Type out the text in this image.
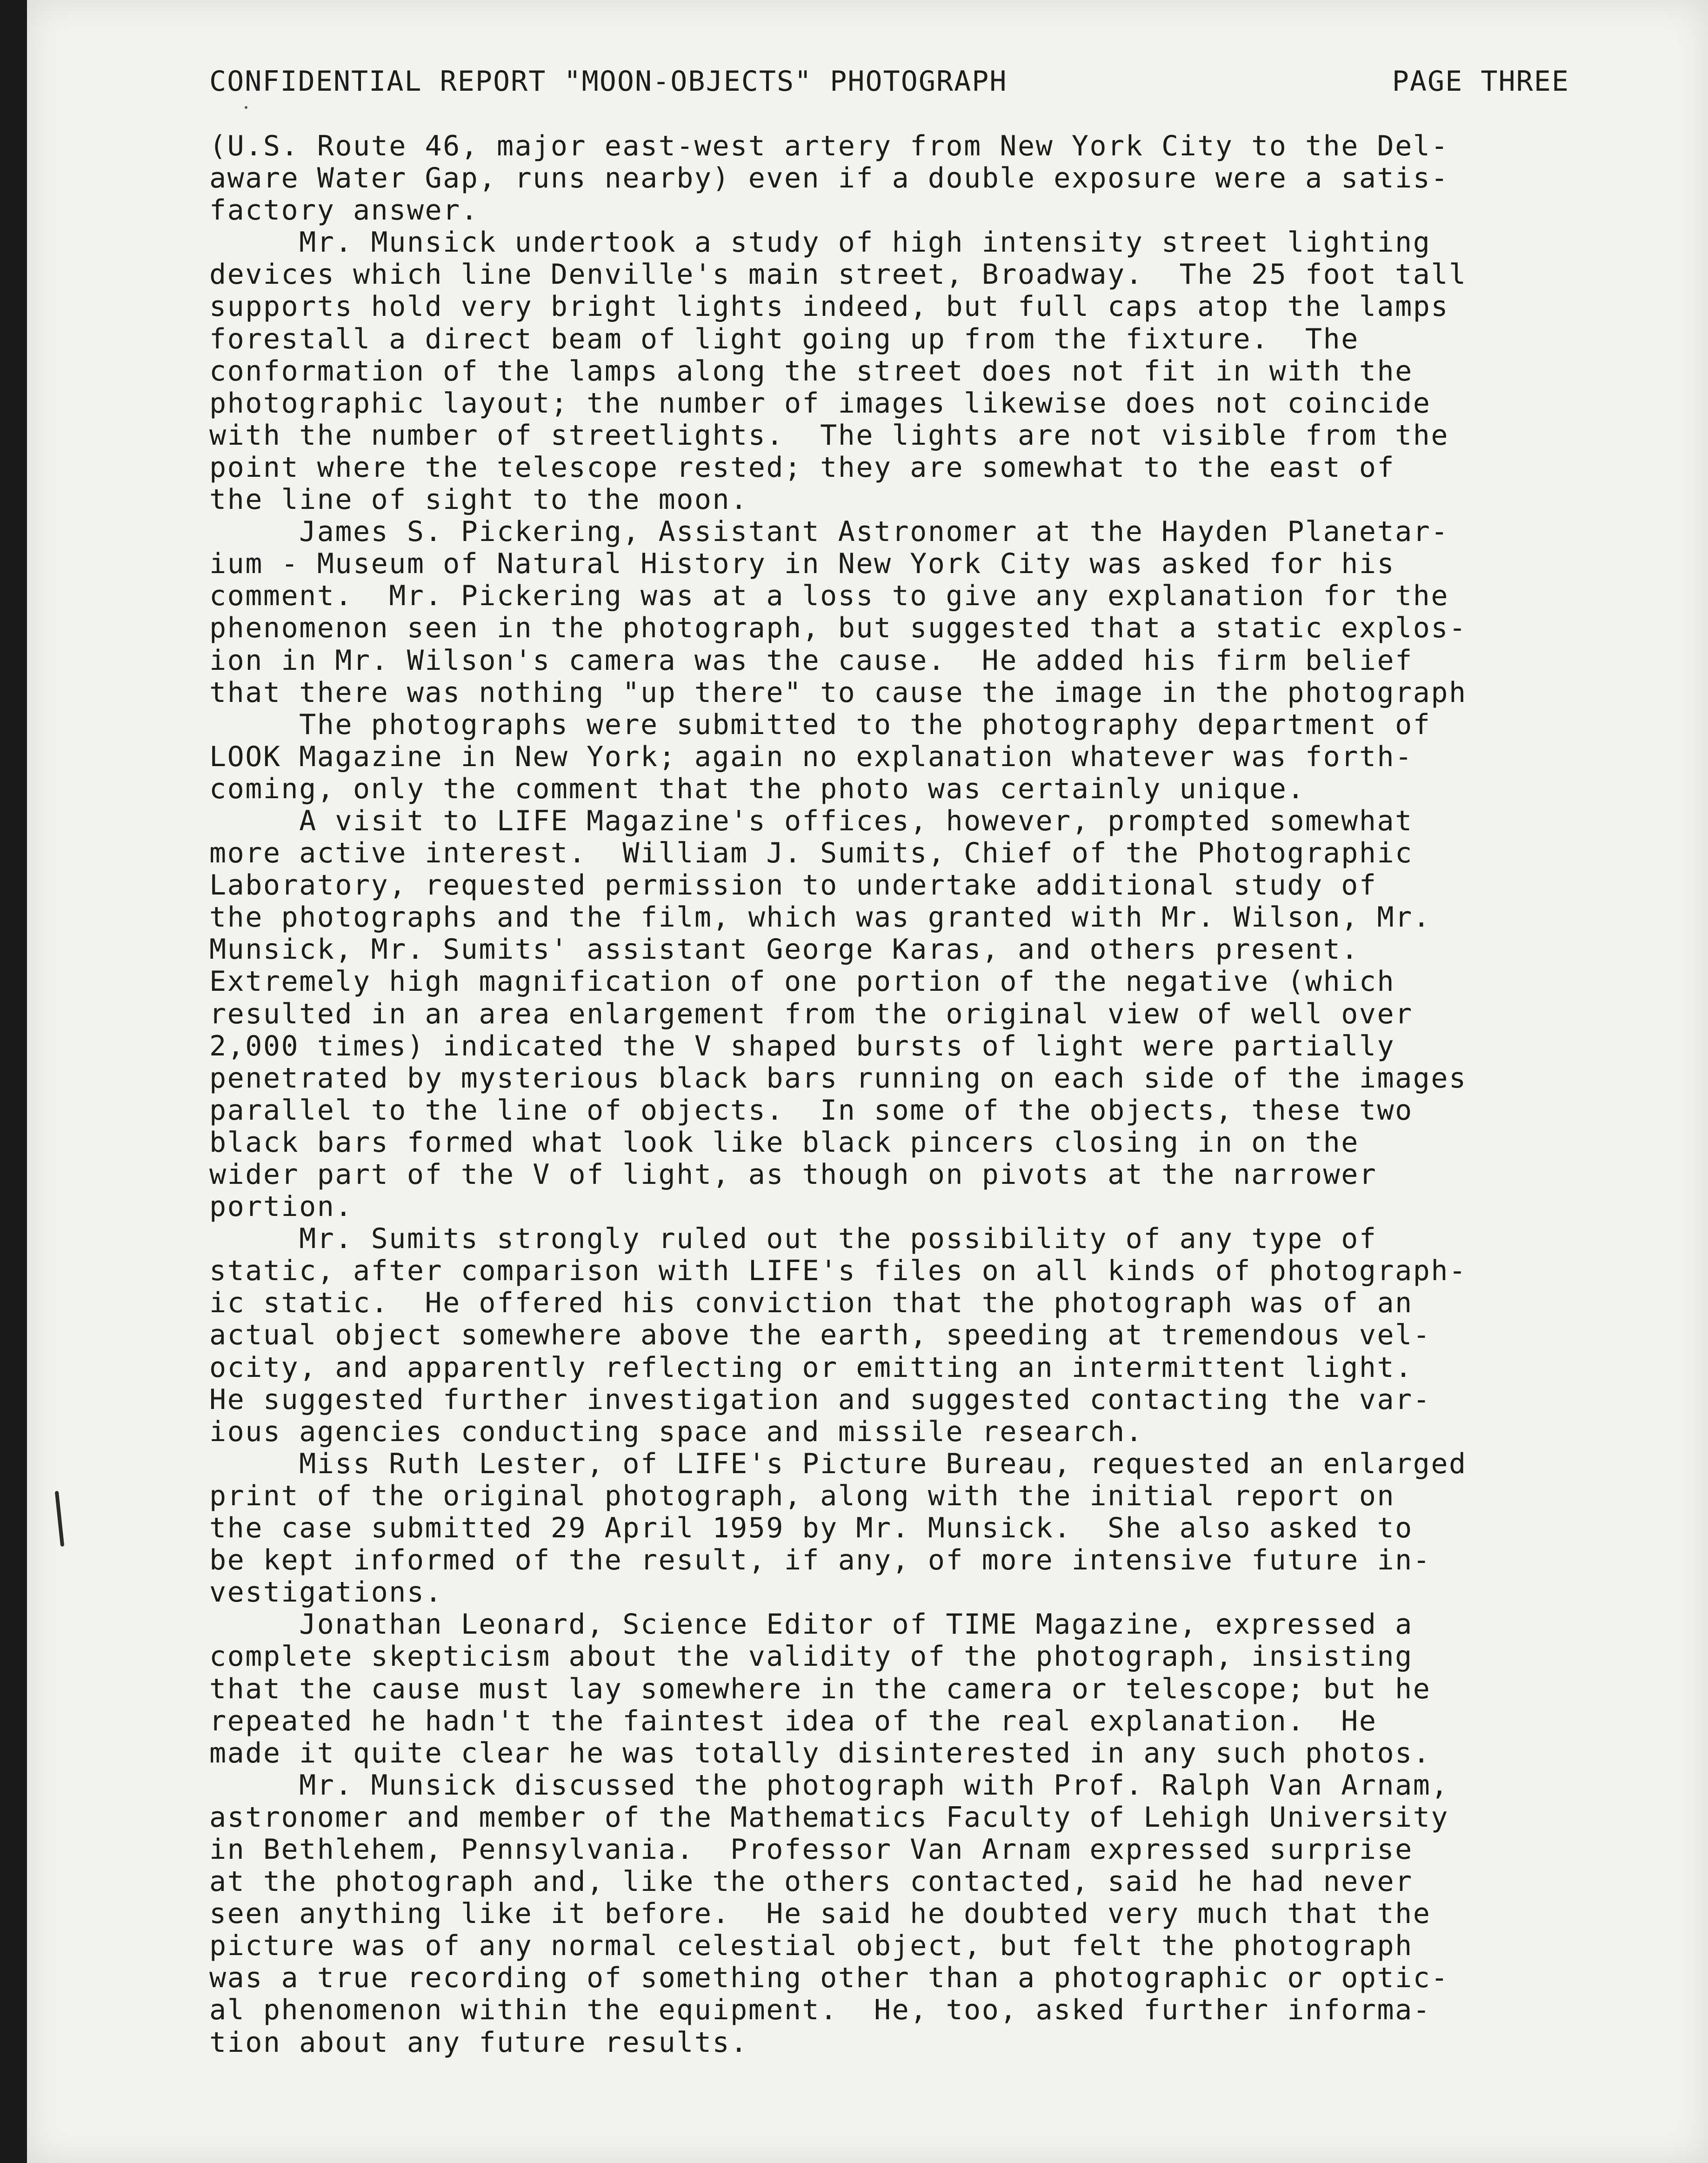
CONFIDENTIAL REPORT "MOON-OBJECTS" PHOTOGRAPH	PAGE THREE
(U.S. Route 46, major east-west artery from New York City to the Del-
aware Water Gap, runs nearby) even if a double exposure were a satis-
factory answer.
Mr. Munsick undertook a study of high intensity street lighting
devices which line Denville's main street, Broadway.  The 25 foot tall
supports hold very bright lights indeed, but full caps atop the lamps
forestall a direct beam of light going up from the fixture.  The
conformation of the lamps along the street does not fit in with the
photographic layout; the number of images likewise does not coincide
with the number of streetlights.  The lights are not visible from the
point where the telescope rested; they are somewhat to the east of
the line of sight to the moon.
James S. Pickering, Assistant Astronomer at the Hayden Planetar-
ium - Museum of Natural History in New York City was asked for his
comment.  Mr. Pickering was at a loss to give any explanation for the
phenomenon seen in the photograph, but suggested that a static explos-
ion in Mr. Wilson's camera was the cause.  He added his firm belief
that there was nothing "up there" to cause the image in the photograph
The photographs were submitted to the photography department of
LOOK Magazine in New York; again no explanation whatever was forth-
coming, only the comment that the photo was certainly unique.
A visit to LIFE Magazine's offices, however, prompted somewhat
more active interest.  William J. Sumits, Chief of the Photographic
Laboratory, requested permission to undertake additional study of
the photographs and the film, which was granted with Mr. Wilson, Mr.
Munsick, Mr. Sumits' assistant George Karas, and others present.
Extremely high magnification of one portion of the negative (which
resulted in an area enlargement from the original view of well over
2,000 times) indicated the V shaped bursts of light were partially
penetrated by mysterious black bars running on each side of the images
parallel to the line of objects.  In some of the objects, these two
black bars formed what look like black pincers closing in on the
wider part of the V of light, as though on pivots at the narrower
portion.
Mr. Sumits strongly ruled out the possibility of any type of
static, after comparison with LIFE's files on all kinds of photograph-
ic static.  He offered his conviction that the photograph was of an
actual object somewhere above the earth, speeding at tremendous vel-
ocity, and apparently reflecting or emitting an intermittent light.
He suggested further investigation and suggested contacting the var-
ious agencies conducting space and missile research.
Miss Ruth Lester, of LIFE's Picture Bureau, requested an enlarged
print of the original photograph, along with the initial report on
the case submitted 29 April 1959 by Mr. Munsick.  She also asked to
be kept informed of the result, if any, of more intensive future in-
vestigations.
Jonathan Leonard, Science Editor of TIME Magazine, expressed a
complete skepticism about the validity of the photograph, insisting
that the cause must lay somewhere in the camera or telescope; but he
repeated he hadn't the faintest idea of the real explanation.  He
made it quite clear he was totally disinterested in any such photos.
Mr. Munsick discussed the photograph with Prof. Ralph Van Arnam,
astronomer and member of the Mathematics Faculty of Lehigh University
in Bethlehem, Pennsylvania.  Professor Van Arnam expressed surprise
at the photograph and, like the others contacted, said he had never
seen anything like it before.  He said he doubted very much that the
picture was of any normal celestial object, but felt the photograph
was a true recording of something other than a photographic or optic-
al phenomenon within the equipment.  He, too, asked further informa-
tion about any future results.
